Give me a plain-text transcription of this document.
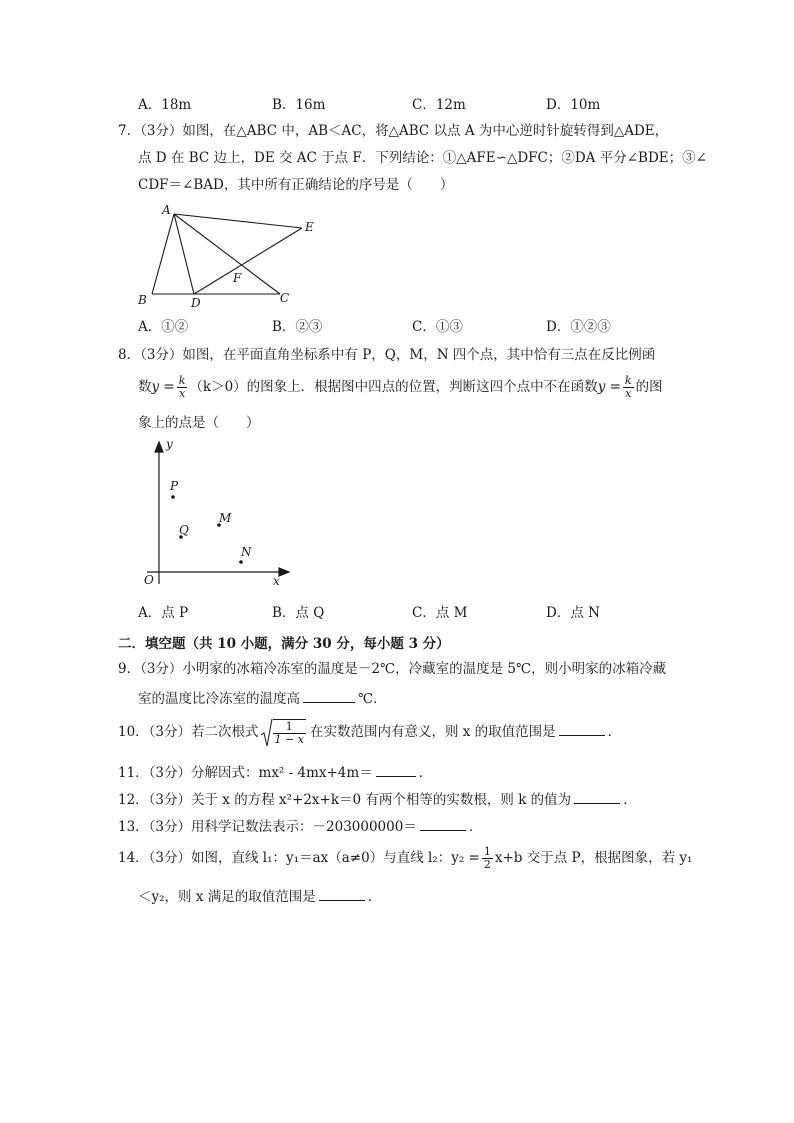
A．18m	B．16m	C．12m	D．10m
7．（3分）如图，在△ABC 中，AB＜AC，将△ABC 以点 A 为中心逆时针旋转得到△ADE，
点 D 在 BC 边上，DE 交 AC 于点 F．下列结论：①△AFE∽△DFC；②DA 平分∠BDE；③∠
CDF＝∠BAD，其中所有正确结论的序号是（　　）
A
B	D	C
E
F
A．①②	B．②③	C．①③	D．①②③
8．（3分）如图，在平面直角坐标系中有 P，Q，M，N 四个点，其中恰有三点在反比例函
数$y = \frac{k}{x} (k>0)$的图象上．根据图中四点的位置，判断这四个点中不在函数$y = \frac{k}{x}$ 的图
象上的点是（　　）
y
x
O
P
Q
M
N
A．点 P	B．点 Q	C．点 M	D．点 N
二．填空题（共 10 小题，满分 30 分，每小题 3 分）
9．（3分）小明家的冰箱冷冻室的温度是－2℃，冷藏室的温度是 5℃，则小明家的冰箱冷藏
室的温度比冷冻室的温度高	℃．
10．（3分）若二次根式 $\frac{1}{1 - x}$ 在实数范围内有意义，则 x 的取值范围是	．
11．（3分）分解因式：mx² - 4mx+4m＝	．
12．（3分）关于 x 的方程 x²+2x+k＝0 有两个相等的实数根，则 k 的值为	．
13．（3分）用科学记数法表示：－203000000＝	．
14．（3分）如图，直线 l₁：y₁＝ax（a≠0）与直线 l₂：$y_2 = \frac{1}{2} x+b$ 交于点 P，根据图象，若 y₁
＜y₂，则 x 满足的取值范围是	．
